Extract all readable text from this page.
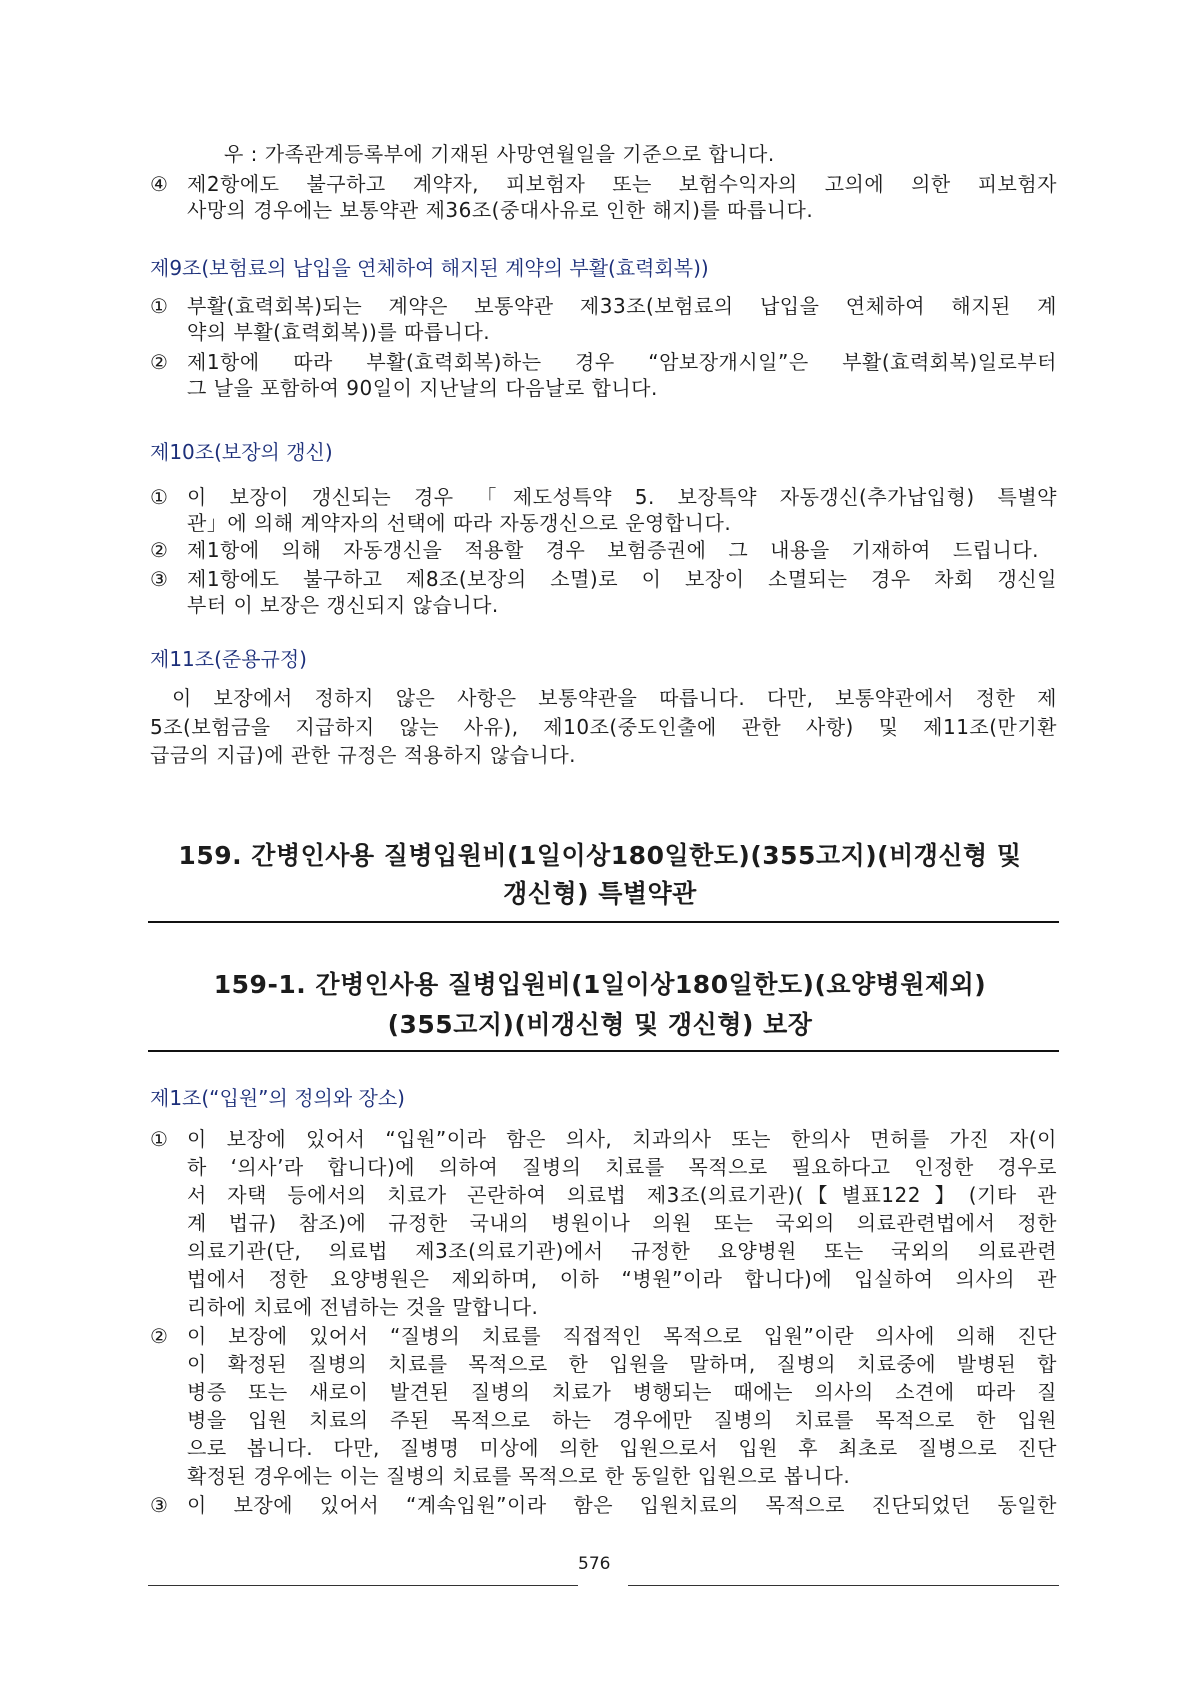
우 : 가족관계등록부에 기재된 사망연월일을 기준으로 합니다.
④ 제2항에도 불구하고 계약자, 피보험자 또는 보험수익자의 고의에 의한 피보험자
사망의 경우에는 보통약관 제36조(중대사유로 인한 해지)를 따릅니다.
제9조(보험료의 납입을 연체하여 해지된 계약의 부활(효력회복))
① 부활(효력회복)되는 계약은 보통약관 제33조(보험료의 납입을 연체하여 해지된 계
약의 부활(효력회복))를 따릅니다.
② 제1항에 따라 부활(효력회복)하는 경우 “암보장개시일”은 부활(효력회복)일로부터
그 날을 포함하여 90일이 지난날의 다음날로 합니다.
제10조(보장의 갱신)
① 이 보장이 갱신되는 경우 「제도성특약 5. 보장특약 자동갱신(추가납입형) 특별약
관」에 의해 계약자의 선택에 따라 자동갱신으로 운영합니다.
② 제1항에 의해 자동갱신을 적용할 경우 보험증권에 그 내용을 기재하여 드립니다.
③ 제1항에도 불구하고 제8조(보장의 소멸)로 이 보장이 소멸되는 경우 차회 갱신일
부터 이 보장은 갱신되지 않습니다.
제11조(준용규정)
이 보장에서 정하지 않은 사항은 보통약관을 따릅니다. 다만, 보통약관에서 정한 제
5조(보험금을 지급하지 않는 사유), 제10조(중도인출에 관한 사항) 및 제11조(만기환
급금의 지급)에 관한 규정은 적용하지 않습니다.
159. 간병인사용 질병입원비(1일이상180일한도)(355고지)(비갱신형 및
갱신형) 특별약관
159-1. 간병인사용 질병입원비(1일이상180일한도)(요양병원제외)
(355고지)(비갱신형 및 갱신형) 보장
제1조(“입원”의 정의와 장소)
① 이 보장에 있어서 “입원”이라 함은 의사, 치과의사 또는 한의사 면허를 가진 자(이
하 ‘의사’라 합니다)에 의하여 질병의 치료를 목적으로 필요하다고 인정한 경우로
서 자택 등에서의 치료가 곤란하여 의료법 제3조(의료기관)(【별표122】(기타 관
계 법규) 참조)에 규정한 국내의 병원이나 의원 또는 국외의 의료관련법에서 정한
의료기관(단, 의료법 제3조(의료기관)에서 규정한 요양병원 또는 국외의 의료관련
법에서 정한 요양병원은 제외하며, 이하 “병원”이라 합니다)에 입실하여 의사의 관
리하에 치료에 전념하는 것을 말합니다.
② 이 보장에 있어서 “질병의 치료를 직접적인 목적으로 입원”이란 의사에 의해 진단
이 확정된 질병의 치료를 목적으로 한 입원을 말하며, 질병의 치료중에 발병된 합
병증 또는 새로이 발견된 질병의 치료가 병행되는 때에는 의사의 소견에 따라 질
병을 입원 치료의 주된 목적으로 하는 경우에만 질병의 치료를 목적으로 한 입원
으로 봅니다. 다만, 질병명 미상에 의한 입원으로서 입원 후 최초로 질병으로 진단
확정된 경우에는 이는 질병의 치료를 목적으로 한 동일한 입원으로 봅니다.
③ 이 보장에 있어서 “계속입원”이라 함은 입원치료의 목적으로 진단되었던 동일한
576
